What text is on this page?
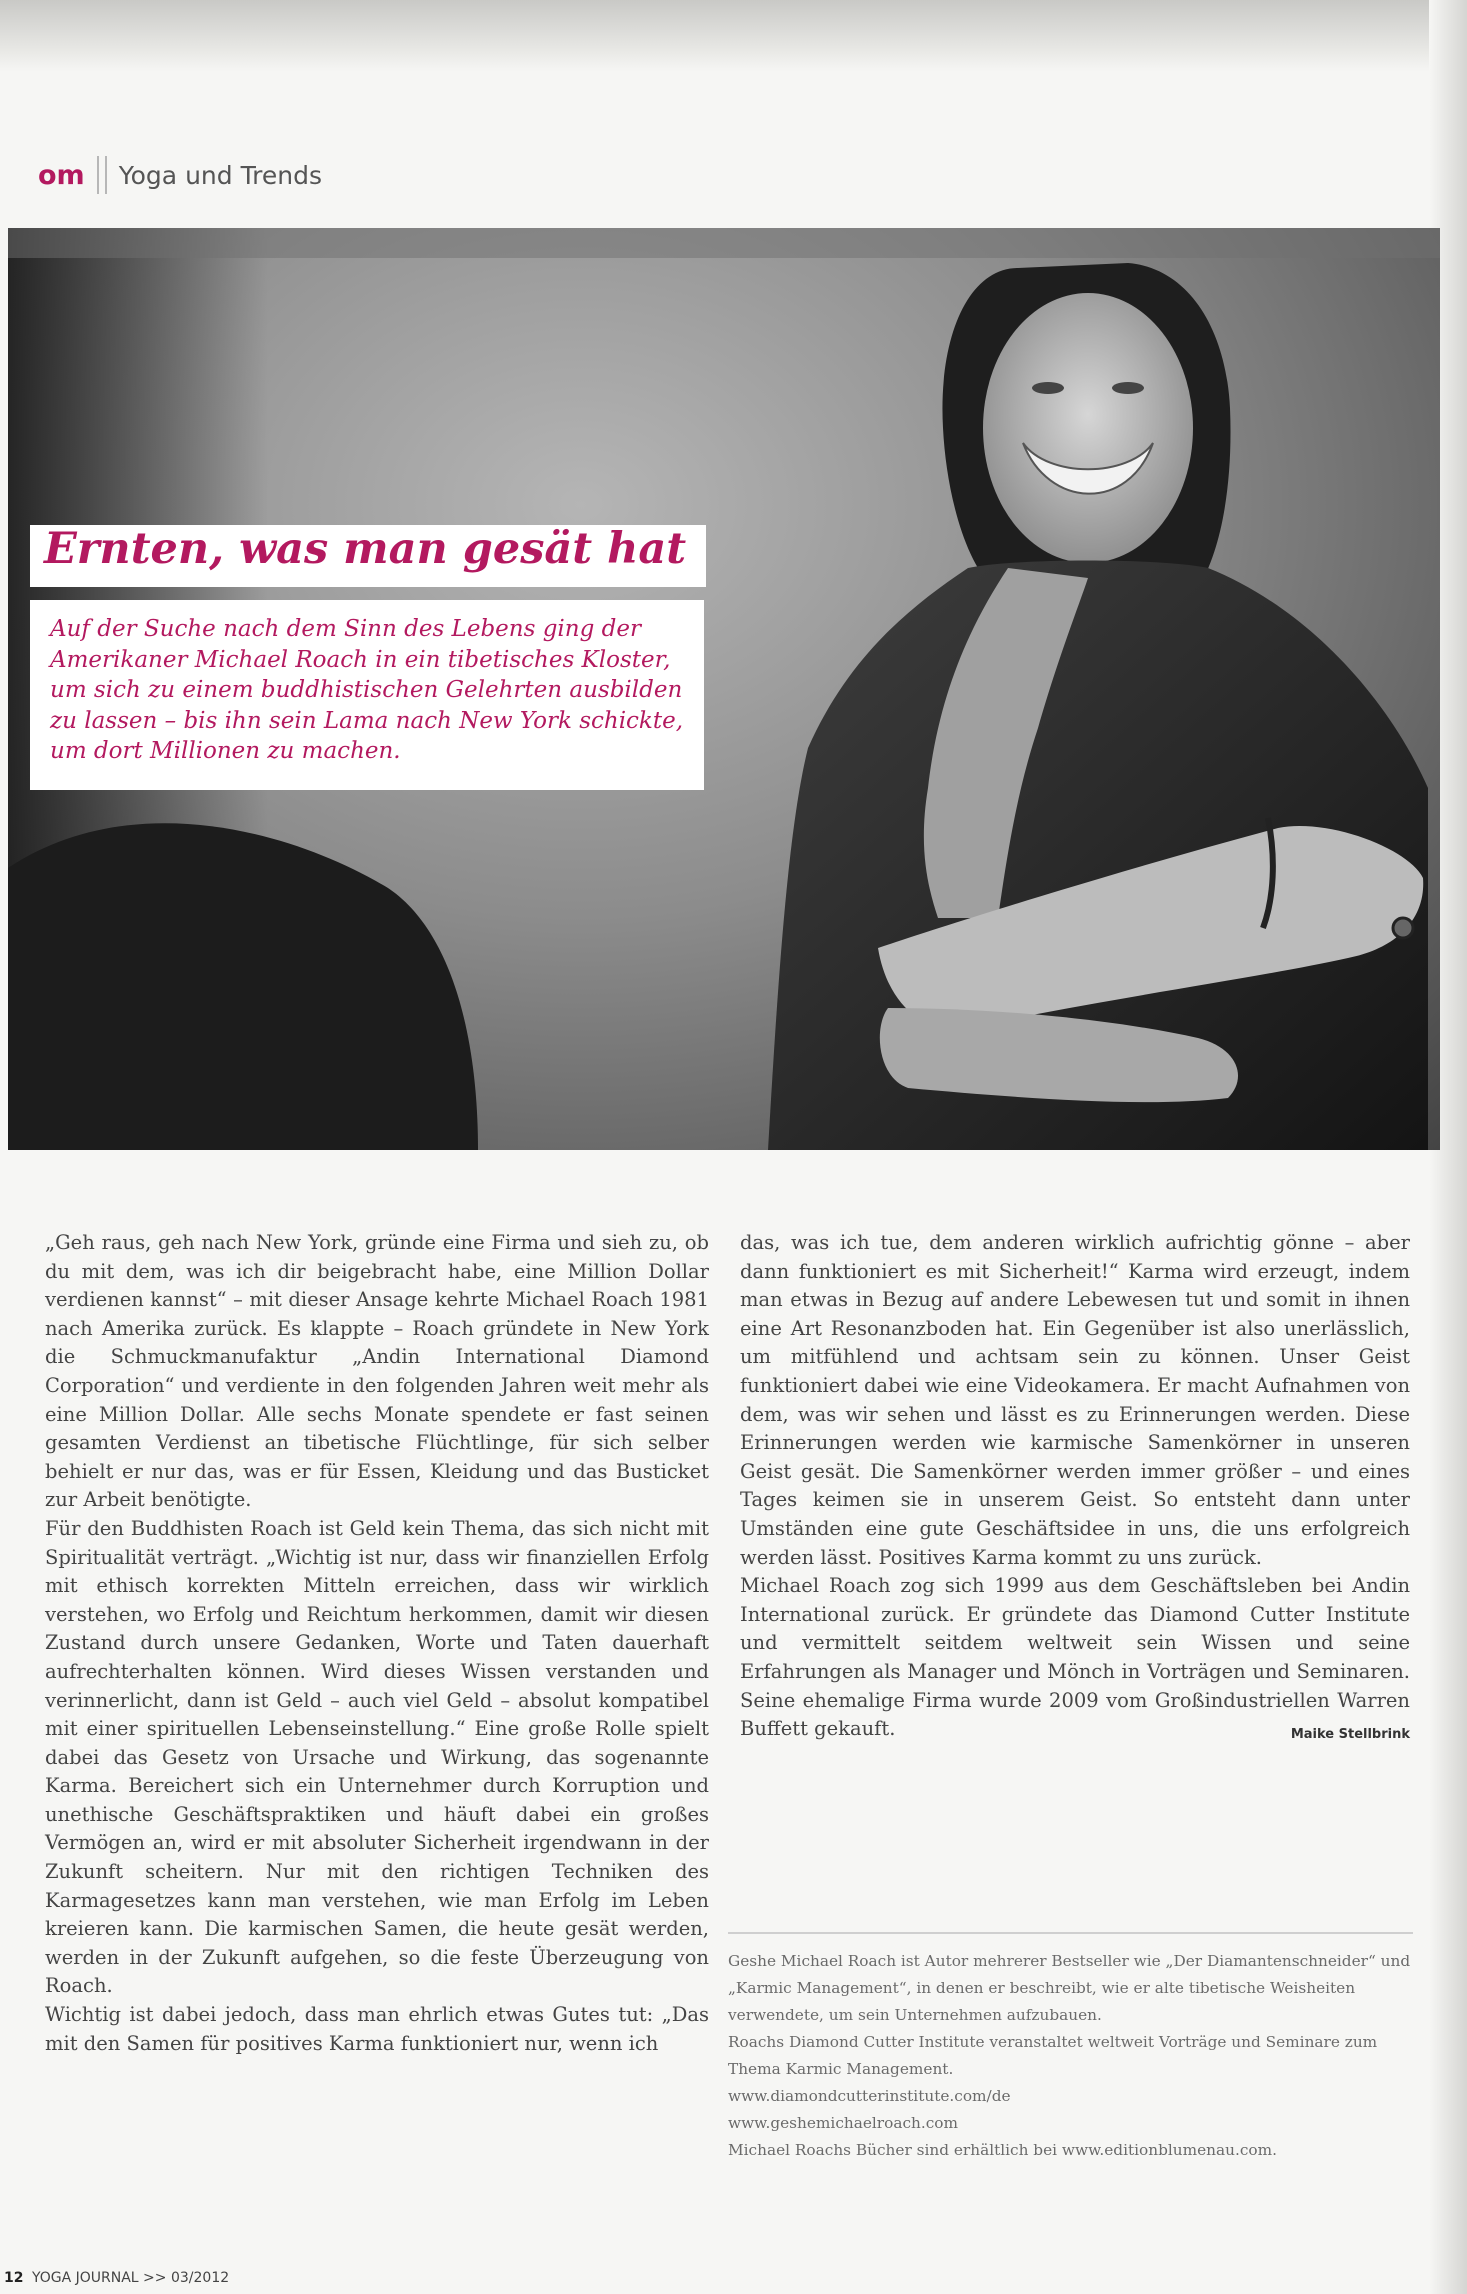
om Yoga und Trends
Ernten, was man gesät hat

Auf der Suche nach dem Sinn des Lebens ging der Amerikaner Michael Roach in ein tibetisches Kloster, um sich zu einem buddhistischen Gelehrten ausbilden zu lassen – bis ihn sein Lama nach New York schickte, um dort Millionen zu machen.

„Geh raus, geh nach New York, gründe eine Firma und sieh zu, ob du mit dem, was ich dir beigebracht habe, eine Million Dollar verdienen kannst“ – mit dieser Ansage kehrte Michael Roach 1981 nach Amerika zurück. Es klappte – Roach gründete in New York die Schmuckmanufaktur „Andin International Diamond Corporation“ und verdiente in den folgenden Jahren weit mehr als eine Million Dollar. Alle sechs Monate spendete er fast seinen gesamten Verdienst an tibetische Flüchtlinge, für sich selber behielt er nur das, was er für Essen, Kleidung und das Busticket zur Arbeit benötigte.

Für den Buddhisten Roach ist Geld kein Thema, das sich nicht mit Spiritualität verträgt. „Wichtig ist nur, dass wir finanziellen Erfolg mit ethisch korrekten Mitteln erreichen, dass wir wirklich verstehen, wo Erfolg und Reichtum herkommen, damit wir diesen Zustand durch unsere Gedanken, Worte und Taten dauerhaft aufrechterhalten können. Wird dieses Wissen verstanden und verinnerlicht, dann ist Geld – auch viel Geld – absolut kompatibel mit einer spirituellen Lebenseinstellung.“ Eine große Rolle spielt dabei das Gesetz von Ursache und Wirkung, das sogenannte Karma. Bereichert sich ein Unternehmer durch Korruption und unethische Geschäftspraktiken und häuft dabei ein großes Vermögen an, wird er mit absoluter Sicherheit irgendwann in der Zukunft scheitern. Nur mit den richtigen Techniken des Karmagesetzes kann man verstehen, wie man Erfolg im Leben kreieren kann. Die karmischen Samen, die heute gesät werden, werden in der Zukunft aufgehen, so die feste Überzeugung von Roach.

Wichtig ist dabei jedoch, dass man ehrlich etwas Gutes tut: „Das mit den Samen für positives Karma funktioniert nur, wenn ich

das, was ich tue, dem anderen wirklich aufrichtig gönne – aber dann funktioniert es mit Sicherheit!“ Karma wird erzeugt, indem man etwas in Bezug auf andere Lebewesen tut und somit in ihnen eine Art Resonanzboden hat. Ein Gegenüber ist also unerlässlich, um mitfühlend und achtsam sein zu können. Unser Geist funktioniert dabei wie eine Videokamera. Er macht Aufnahmen von dem, was wir sehen und lässt es zu Erinnerungen werden. Diese Erinnerungen werden wie karmische Samenkörner in unseren Geist gesät. Die Samenkörner werden immer größer – und eines Tages keimen sie in unserem Geist. So entsteht dann unter Umständen eine gute Geschäftsidee in uns, die uns erfolgreich werden lässt. Positives Karma kommt zu uns zurück.

Michael Roach zog sich 1999 aus dem Geschäftsleben bei Andin International zurück. Er gründete das Diamond Cutter Institute und vermittelt seitdem weltweit sein Wissen und seine Erfahrungen als Manager und Mönch in Vorträgen und Seminaren. Seine ehemalige Firma wurde 2009 vom Großindustriellen Warren Buffett gekauft.	Maike Stellbrink

Geshe Michael Roach ist Autor mehrerer Bestseller wie „Der Diamantenschneider“ und „Karmic Management“, in denen er beschreibt, wie er alte tibetische Weisheiten verwendete, um sein Unternehmen aufzubauen.

Roachs Diamond Cutter Institute veranstaltet weltweit Vorträge und Seminare zum Thema Karmic Management.

www.diamondcutterinstitute.com/de

www.geshemichaelroach.com

Michael Roachs Bücher sind erhältlich bei www.editionblumenau.com.

12 YOGA JOURNAL >> 03/2012
